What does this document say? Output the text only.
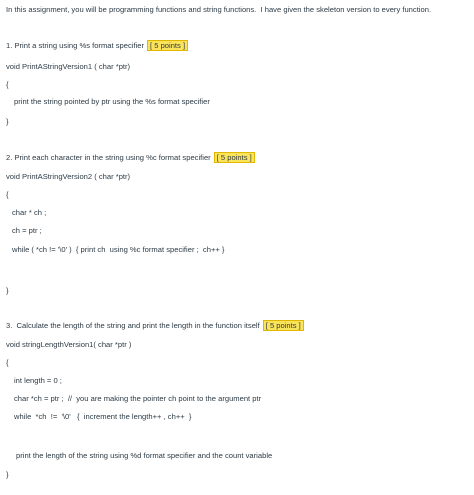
In this assignment, you will be programming functions and string functions.  I have given the skeleton version to every function.
1. Print a string using %s format specifier [ 5 points ]
void PrintAStringVersion1 ( char *ptr)
{
print the string pointed by ptr using the %s format specifier
}
2. Print each character in the string using %c format specifier [ 5 points ]
void PrintAStringVersion2 ( char *ptr)
{
char * ch ;
ch = ptr ;
while ( *ch != '\0' )  { print ch  using %c format specifier ;  ch++ }
}
3.  Calculate the length of the string and print the length in the function itself [ 5 points ]
void stringLengthVersion1( char *ptr )
{
int length = 0 ;
char *ch = ptr ;  //  you are making the pointer ch point to the argument ptr
while  *ch  !=  '\0'   {  increment the length++ , ch++  }
print the length of the string using %d format specifier and the count variable
}
